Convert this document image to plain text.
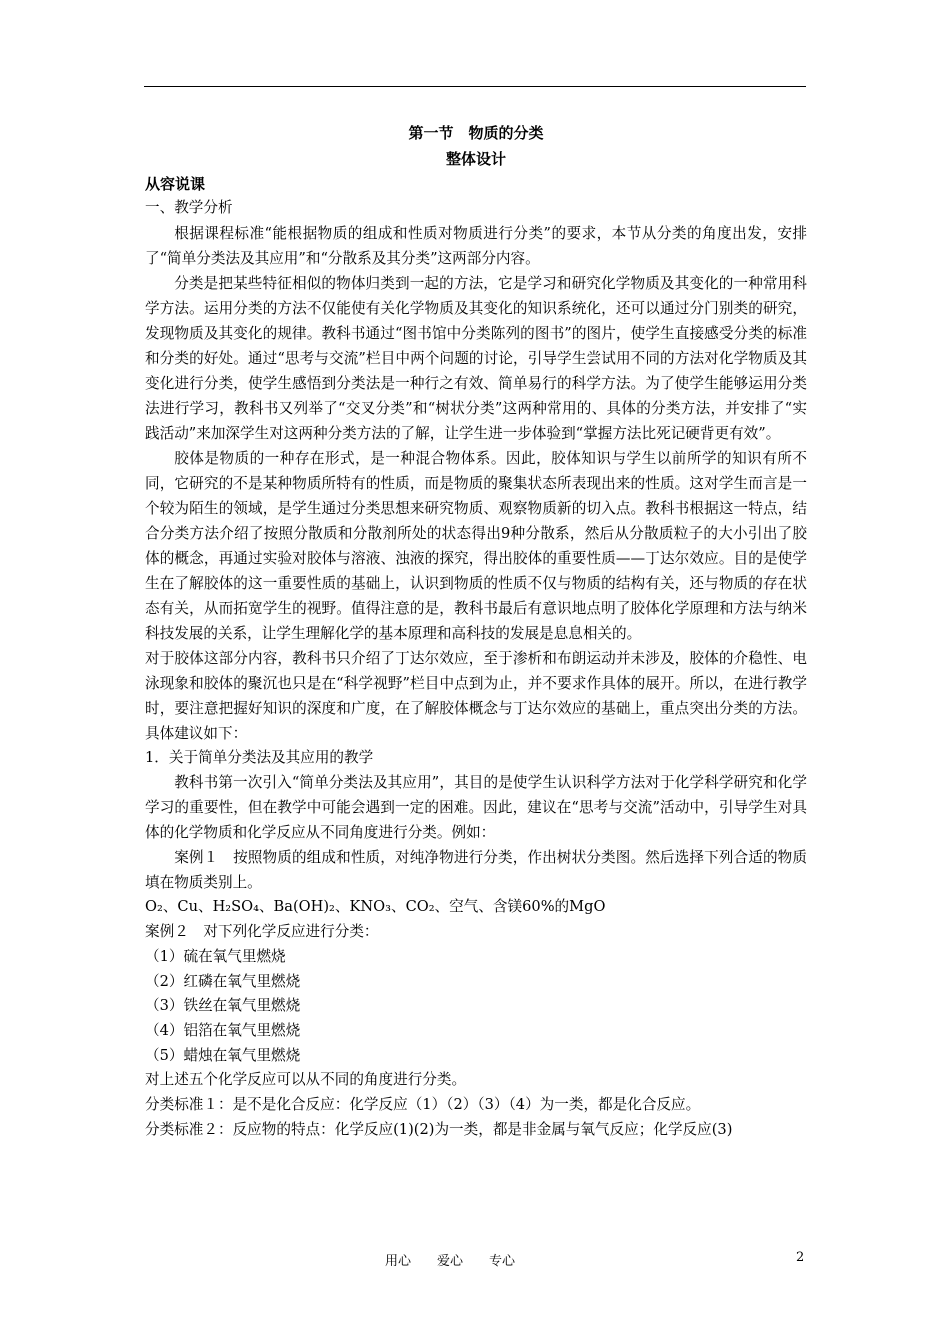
第一节　物质的分类
整体设计
从容说课
一、教学分析
根据课程标准“能根据物质的组成和性质对物质进行分类”的要求，本节从分类的角度出发，安排了“简单分类法及其应用”和“分散系及其分类”这两部分内容。
分类是把某些特征相似的物体归类到一起的方法，它是学习和研究化学物质及其变化的一种常用科学方法。运用分类的方法不仅能使有关化学物质及其变化的知识系统化，还可以通过分门别类的研究，发现物质及其变化的规律。教科书通过“图书馆中分类陈列的图书”的图片，使学生直接感受分类的标准和分类的好处。通过“思考与交流”栏目中两个问题的讨论，引导学生尝试用不同的方法对化学物质及其变化进行分类，使学生感悟到分类法是一种行之有效、简单易行的科学方法。为了使学生能够运用分类法进行学习，教科书又列举了“交叉分类”和“树状分类”这两种常用的、具体的分类方法，并安排了“实践活动”来加深学生对这两种分类方法的了解，让学生进一步体验到“掌握方法比死记硬背更有效”。
胶体是物质的一种存在形式，是一种混合物体系。因此，胶体知识与学生以前所学的知识有所不同，它研究的不是某种物质所特有的性质，而是物质的聚集状态所表现出来的性质。这对学生而言是一个较为陌生的领域，是学生通过分类思想来研究物质、观察物质新的切入点。教科书根据这一特点，结合分类方法介绍了按照分散质和分散剂所处的状态得出9种分散系，然后从分散质粒子的大小引出了胶体的概念，再通过实验对胶体与溶液、浊液的探究，得出胶体的重要性质——丁达尔效应。目的是使学生在了解胶体的这一重要性质的基础上，认识到物质的性质不仅与物质的结构有关，还与物质的存在状态有关，从而拓宽学生的视野。值得注意的是，教科书最后有意识地点明了胶体化学原理和方法与纳米科技发展的关系，让学生理解化学的基本原理和高科技的发展是息息相关的。
对于胶体这部分内容，教科书只介绍了丁达尔效应，至于渗析和布朗运动并未涉及，胶体的介稳性、电泳现象和胶体的聚沉也只是在“科学视野”栏目中点到为止，并不要求作具体的展开。所以，在进行教学时，要注意把握好知识的深度和广度，在了解胶体概念与丁达尔效应的基础上，重点突出分类的方法。具体建议如下：
1．关于简单分类法及其应用的教学
教科书第一次引入“简单分类法及其应用”，其目的是使学生认识科学方法对于化学科学研究和化学学习的重要性，但在教学中可能会遇到一定的困难。因此，建议在“思考与交流”活动中，引导学生对具体的化学物质和化学反应从不同角度进行分类。例如：
案例１　按照物质的组成和性质，对纯净物进行分类，作出树状分类图。然后选择下列合适的物质填在物质类别上。
O₂、Cu、H₂SO₄、Ba(OH)₂、KNO₃、CO₂、空气、含镁60%的MgO
案例２　对下列化学反应进行分类：
（1）硫在氧气里燃烧
（2）红磷在氧气里燃烧
（3）铁丝在氧气里燃烧
（4）铝箔在氧气里燃烧
（5）蜡烛在氧气里燃烧
对上述五个化学反应可以从不同的角度进行分类。
分类标准１：是不是化合反应：化学反应（1）（2）（3）（4）为一类，都是化合反应。
分类标准２：反应物的特点：化学反应(1)(2)为一类，都是非金属与氧气反应；化学反应(3)
用心　　爱心　　专心	2
